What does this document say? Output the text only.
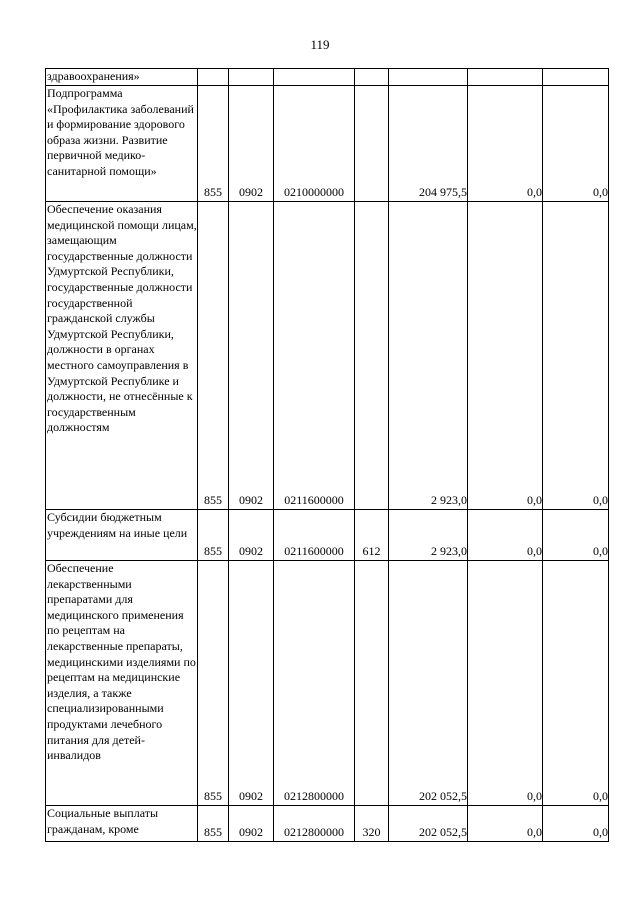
119
здравоохранения»							
Подпрограмма «Профилактика заболеваний и формирование здорового образа жизни. Развитие первичной медико-санитарной помощи»	855	0902	0210000000		204 975,5	0,0	0,0
Обеспечение оказания медицинской помощи лицам, замещающим государственные должности Удмуртской Республики, государственные должности государственной гражданской службы Удмуртской Республики, должности в органах местного самоуправления в Удмуртской Республике и должности, не отнесённые к государственным должностям	855	0902	0211600000		2 923,0	0,0	0,0
Субсидии бюджетным учреждениям на иные цели	855	0902	0211600000	612	2 923,0	0,0	0,0
Обеспечение лекарственными препаратами для медицинского применения по рецептам на лекарственные препараты, медицинскими изделиями по рецептам на медицинские изделия, а также специализированными продуктами лечебного питания для детей-инвалидов	855	0902	0212800000		202 052,5	0,0	0,0
Социальные выплаты гражданам, кроме	855	0902	0212800000	320	202 052,5	0,0	0,0
